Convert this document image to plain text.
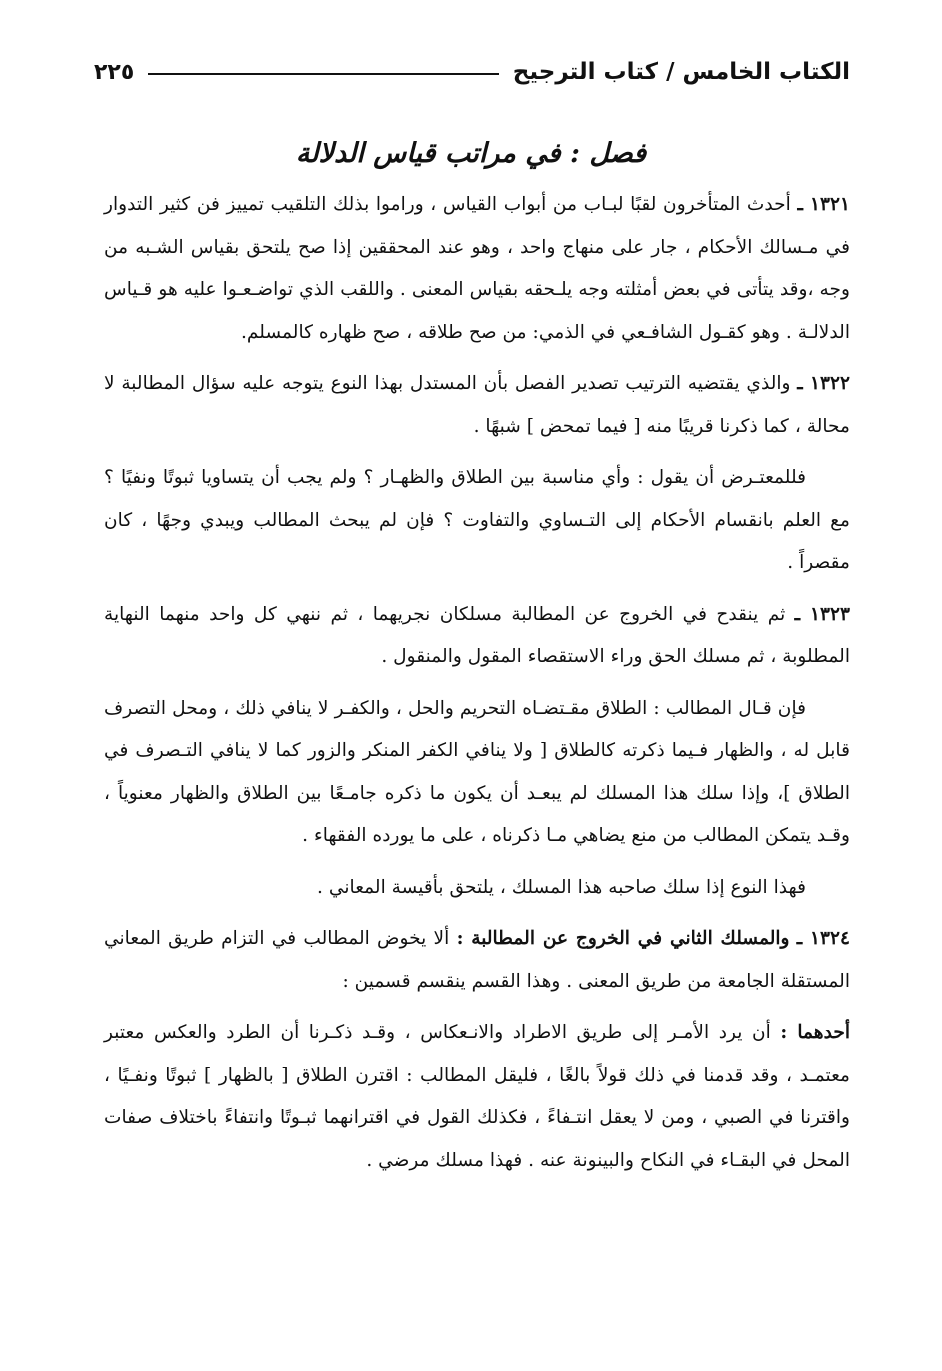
الكتاب الخامس / كتاب الترجيح
٢٢٥
فصل : في مراتب قياس الدلالة

١٣٢١ ـ أحدث المتأخرون لقبًا لبـاب من أبواب القياس ، وراموا بذلك التلقيب تمييز فن كثير التدوار في مـسالك الأحكام ، جار على منهاج واحد ، وهو عند المحققين إذا صح يلتحق بقياس الشـبه من وجه ،وقد يتأتى في بعض أمثلته وجه يلـحقه بقياس المعنى . واللقب الذي تواضـعـوا عليه هو قـياس الدلالـة . وهو كقـول الشافـعي في الذمي: من صح طلاقه ، صح ظهاره كالمسلم.

١٣٢٢ ـ والذي يقتضيه الترتيب تصدير الفصل بأن المستدل بهذا النوع يتوجه عليه سؤال المطالبة لا محالة ، كما ذكرنا قريبًا منه [ فيما تمحض ] شبهًا .

فللمعتـرض أن يقول : وأي مناسبة بين الطلاق والظهـار ؟ ولم يجب أن يتساويا ثبوتًا ونفيًا ؟ مع العلم بانقسام الأحكام إلى التـساوي والتفاوت ؟ فإن لم يبحث المطالب ويبدي وجهًا ، كان مقصراً .

١٣٢٣ ـ ثم ينقدح في الخروج عن المطالبة مسلكان نجريهما ، ثم ننهي كل واحد منهما النهاية المطلوبة ، ثم مسلك الحق وراء الاستقصاء المقول والمنقول .

فإن قـال المطالب : الطلاق مقـتضـاه التحريم والحل ، والكفـر لا ينافي ذلك ، ومحل التصرف قابل له ، والظهار فـيما ذكرته كالطلاق [ ولا ينافي الكفر المنكر والزور كما لا ينافي التـصرف في الطلاق ]، وإذا سلك هذا المسلك لم يبعـد أن يكون ما ذكره جامـعًا بين الطلاق والظهار معنوياً ، وقـد يتمكن المطالب من منع يضاهي مـا ذكرناه ، على ما يورده الفقهاء .

فهذا النوع إذا سلك صاحبه هذا المسلك ، يلتحق بأقيسة المعاني .

١٣٢٤ ـ والمسلك الثاني في الخروج عن المطالبة : ألا يخوض المطالب في التزام طريق المعاني المستقلة الجامعة من طريق المعنى . وهذا القسم ينقسم قسمين :

أحدهما : أن يرد الأمـر إلى طريق الاطراد والانـعكاس ، وقـد ذكـرنا أن الطرد والعكس معتبر معتمـد ، وقد قدمنا في ذلك قولاً بالغًا ، فليقل المطالب : اقترن الطلاق [ بالظهار ] ثبوتًا ونفـيًا ، واقترنا في الصبي ، ومن لا يعقل انتـفاءً ، فكذلك القول في اقترانهما ثبـوتًا وانتفاءً باختلاف صفات المحل في البقـاء في النكاح والبينونة عنه . فهذا مسلك مرضي .
